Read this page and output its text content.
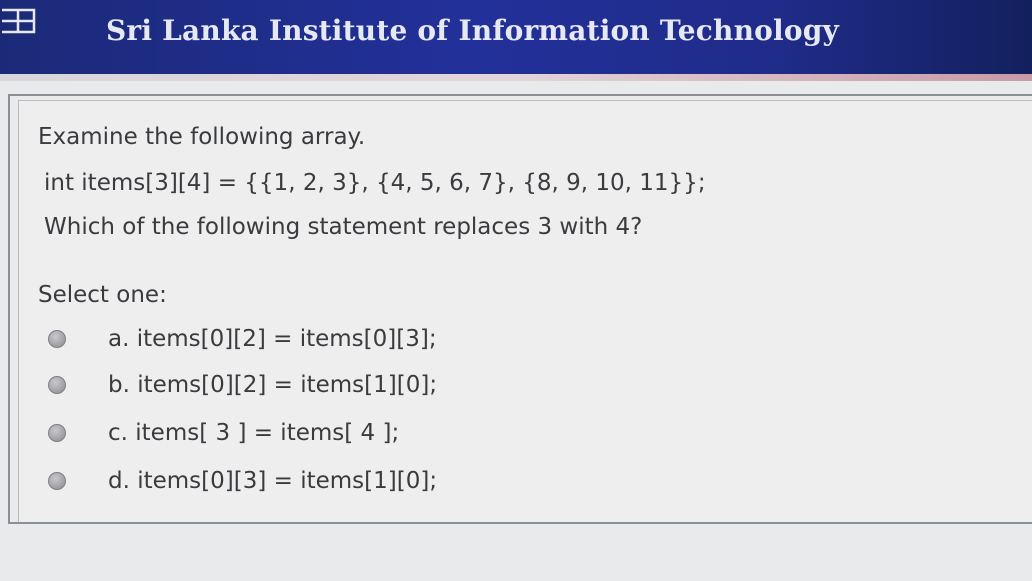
Sri Lanka Institute of Information Technology
Examine the following array.
int items[3][4] = {{1, 2, 3}, {4, 5, 6, 7}, {8, 9, 10, 11}};
Which of the following statement replaces 3 with 4?
Select one:
a. items[0][2] = items[0][3];
b. items[0][2] = items[1][0];
c. items[ 3 ] = items[ 4 ];
d. items[0][3] = items[1][0];
